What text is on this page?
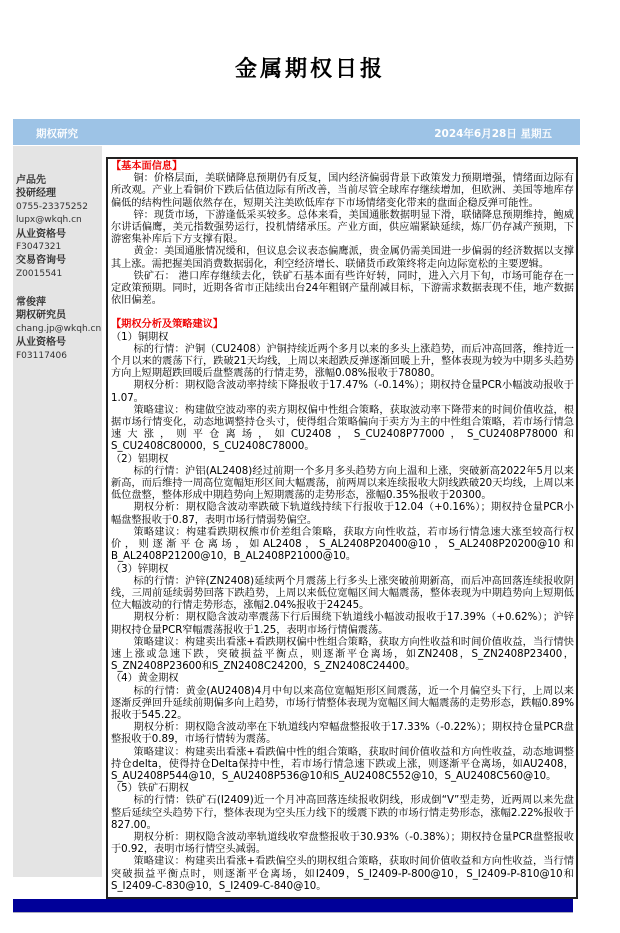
金属期权日报
期权研究	2024年6月28日 星期五
卢品先
投研经理
0755-23375252
lupx@wkqh.cn
从业资格号
F3047321
交易咨询号
Z0015541
常俊萍
期权研究员
chang.jp@wkqh.cn
从业资格号
F03117406

【基本面信息】

铜：价格层面，美联储降息预期仍有反复，国内经济偏弱背景下政策发力预期增强，情绪面边际有所改观。产业上看铜价下跌后估值边际有所改善，当前尽管全球库存继续增加，但欧洲、美国等地库存偏低的结构性问题依然存在，短期关注美欧低库存下市场情绪变化带来的盘面企稳反弹可能性。

锌：现货市场，下游逢低采买较多。总体来看，美国通胀数据明显下滑，联储降息预期维持，鲍威尔讲话偏鹰，美元指数强势运行，投机情绪承压。产业方面，供应端紧缺延续，炼厂仍存减产预期，下游密集补库后下方支撑有限。

黄金：美国通胀情况缓和，但议息会议表态偏鹰派，贵金属仍需美国进一步偏弱的经济数据以支撑其上涨。需把握美国消费数据弱化，利空经济增长、联储货币政策终将走向边际宽松的主要逻辑。

铁矿石： 港口库存继续去化，铁矿石基本面有些许好转，同时，进入六月下旬，市场可能存在一定政策预期。同时，近期各省市正陆续出台24年粗钢产量削减目标，下游需求数据表现不佳，地产数据依旧偏差。

【期权分析及策略建议】

（1）铜期权

标的行情：沪铜（CU2408）沪铜持续近两个多月以来的多头上涨趋势，而后冲高回落，维持近一个月以来的震荡下行，跌破21天均线，上周以来超跌反弹逐渐回暖上升，整体表现为较为中期多头趋势方向上短期超跌回暖后盘整震荡的行情走势，涨幅0.08%报收于78080。

期权分析：期权隐含波动率持续下降报收于17.47%（-0.14%）；期权持仓量PCR小幅波动报收于1.07。

策略建议：构建做空波动率的卖方期权偏中性组合策略，获取波动率下降带来的时间价值收益，根据市场行情变化，动态地调整持仓头寸，使得组合策略偏向于卖方为主的中性组合策略，若市场行情急速大涨，则平仓离场，如CU2408，S_CU2408P77000，S_CU2408P78000和S_CU2408C80000，S_CU2408C78000。

（2）铝期权

标的行情：沪铝(AL2408)经过前期一个多月多头趋势方向上温和上涨，突破新高2022年5月以来新高，而后维持一周高位宽幅矩形区间大幅震荡，前两周以来连续报收大阴线跌破20天均线，上周以来低位盘整，整体形成中期趋势向上短期震荡的走势形态，涨幅0.35%报收于20300。

期权分析：期权隐含波动率跌破下轨道线持续下行报收于12.04（+0.16%）；期权持仓量PCR小幅盘整报收于0.87，表明市场行情弱势偏空。

策略建议：构建看跌期权熊市价差组合策略，获取方向性收益，若市场行情急速大涨至较高行权价，则逐渐平仓离场，如AL2408，S_AL2408P20400@10，S_AL2408P20200@10和B_AL2408P21200@10，B_AL2408P21000@10。

（3）锌期权

标的行情：沪锌(ZN2408)延续两个月震荡上行多头上涨突破前期新高，而后冲高回落连续报收阴线，三周前延续弱势回落下跌趋势，上周以来低位宽幅区间大幅震荡，整体表现为中期趋势向上短期低位大幅波动的行情走势形态，涨幅2.04%报收于24245。

期权分析：期权隐含波动率震荡下行后围绕下轨道线小幅波动报收于17.39%（+0.62%）；沪锌期权持仓量PCR窄幅震荡报收于1.25，表明市场行情偏震荡。

策略建议：构建卖出看涨+看跌期权偏中性组合策略，获取方向性收益和时间价值收益，当行情快速上涨或急速下跌，突破损益平衡点，则逐渐平仓离场，如ZN2408，S_ZN2408P23400，S_ZN2408P23600和S_ZN2408C24200，S_ZN2408C24400。

（4）黄金期权

标的行情：黄金(AU2408)4月中旬以来高位宽幅矩形区间震荡，近一个月偏空头下行，上周以来逐渐反弹回升延续前期偏多向上趋势，市场行情整体表现为宽幅区间大幅震荡的走势形态，跌幅0.89%报收于545.22。

期权分析：期权隐含波动率在下轨道线内窄幅盘整报收于17.33%（-0.22%）；期权持仓量PCR盘整报收于0.89，市场行情转为震荡。

策略建议：构建卖出看涨+看跌偏中性的组合策略，获取时间价值收益和方向性收益，动态地调整持仓delta，使得持仓Delta保持中性，若市场行情急速下跌或上涨，则逐渐平仓离场，如AU2408，S_AU2408P544@10，S_AU2408P536@10和S_AU2408C552@10，S_AU2408C560@10。

（5）铁矿石期权

标的行情：铁矿石(I2409)近一个月冲高回落连续报收阴线，形成倒“V”型走势，近两周以来先盘整后延续空头趋势下行，整体表现为空头压力线下的缓震下跌的市场行情走势形态，涨幅2.22%报收于827.00。

期权分析：期权隐含波动率轨道线收窄盘整报收于30.93%（-0.38%）；期权持仓量PCR盘整报收于0.92，表明市场行情空头减弱。

策略建议：构建卖出看涨+看跌偏空头的期权组合策略，获取时间价值收益和方向性收益，当行情突破损益平衡点时，则逐渐平仓离场，如I2409，S_I2409-P-800@10，S_I2409-P-810@10和S_I2409-C-830@10，S_I2409-C-840@10。
